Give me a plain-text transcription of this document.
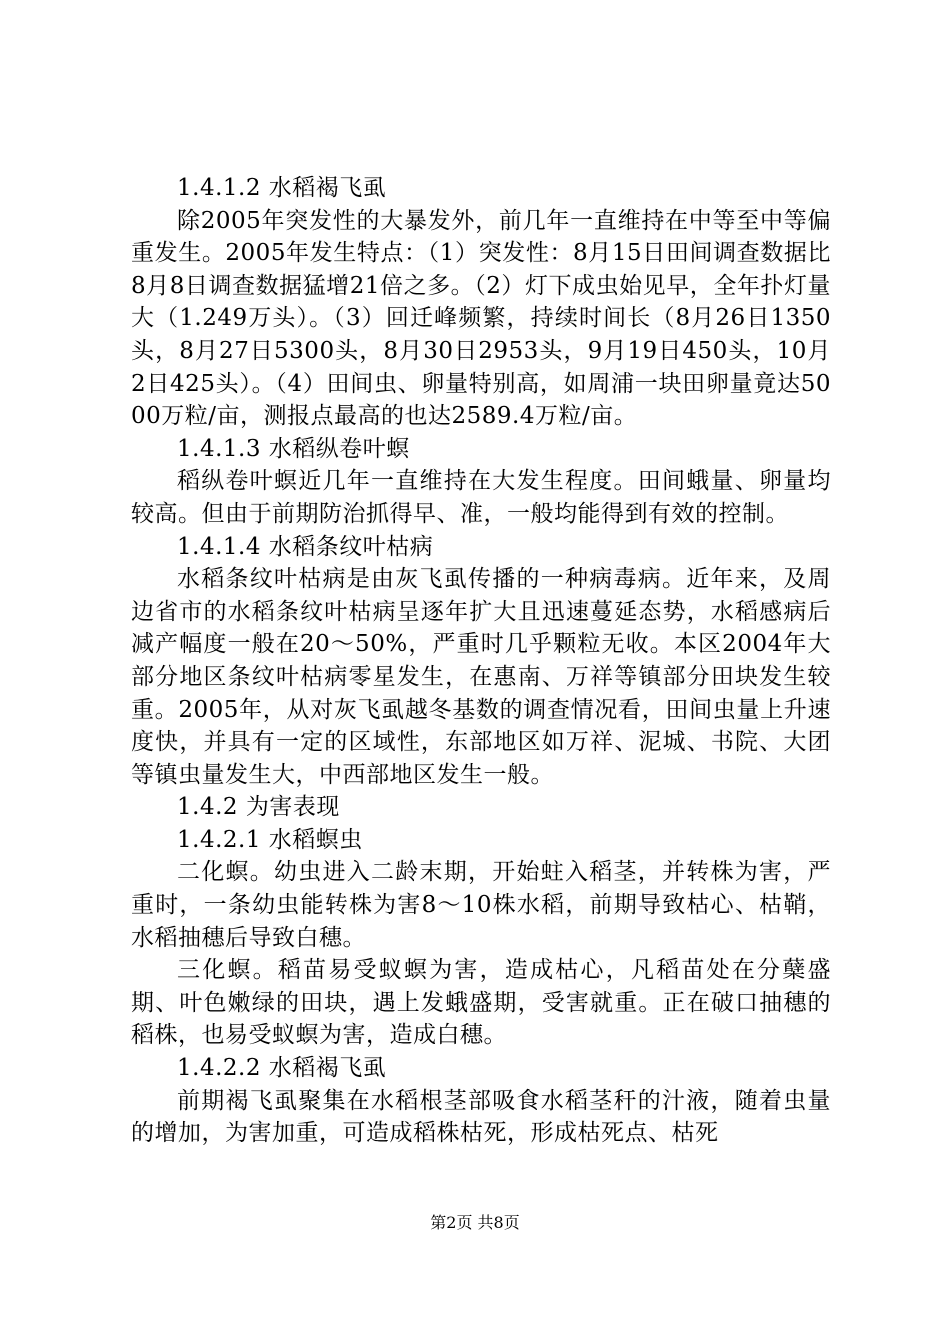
1.4.1.2 水稻褐飞虱

除2005年突发性的大暴发外，前几年一直维持在中等至中等偏重发生。2005年发生特点：（1）突发性：8月15日田间调查数据比8月8日调查数据猛增21倍之多。（2）灯下成虫始见早，全年扑灯量大（1.249万头）。（3）回迁峰频繁，持续时间长（8月26日1350头，8月27日5300头，8月30日2953头，9月19日450头，10月2日425头）。（4）田间虫、卵量特别高，如周浦一块田卵量竟达5000万粒/亩，测报点最高的也达2589.4万粒/亩。

1.4.1.3 水稻纵卷叶螟

稻纵卷叶螟近几年一直维持在大发生程度。田间蛾量、卵量均较高。但由于前期防治抓得早、准，一般均能得到有效的控制。

1.4.1.4 水稻条纹叶枯病

水稻条纹叶枯病是由灰飞虱传播的一种病毒病。近年来，及周边省市的水稻条纹叶枯病呈逐年扩大且迅速蔓延态势，水稻感病后减产幅度一般在20～50%，严重时几乎颗粒无收。本区2004年大部分地区条纹叶枯病零星发生，在惠南、万祥等镇部分田块发生较重。2005年，从对灰飞虱越冬基数的调查情况看，田间虫量上升速度快，并具有一定的区域性，东部地区如万祥、泥城、书院、大团等镇虫量发生大，中西部地区发生一般。

1.4.2 为害表现

1.4.2.1 水稻螟虫

二化螟。幼虫进入二龄末期，开始蛀入稻茎，并转株为害，严重时，一条幼虫能转株为害8～10株水稻，前期导致枯心、枯鞘，水稻抽穗后导致白穗。

三化螟。稻苗易受蚁螟为害，造成枯心，凡稻苗处在分蘖盛期、叶色嫩绿的田块，遇上发蛾盛期，受害就重。正在破口抽穗的稻株，也易受蚁螟为害，造成白穗。

1.4.2.2 水稻褐飞虱

前期褐飞虱聚集在水稻根茎部吸食水稻茎秆的汁液，随着虫量的增加，为害加重，可造成稻株枯死，形成枯死点、枯死

第2页 共8页
